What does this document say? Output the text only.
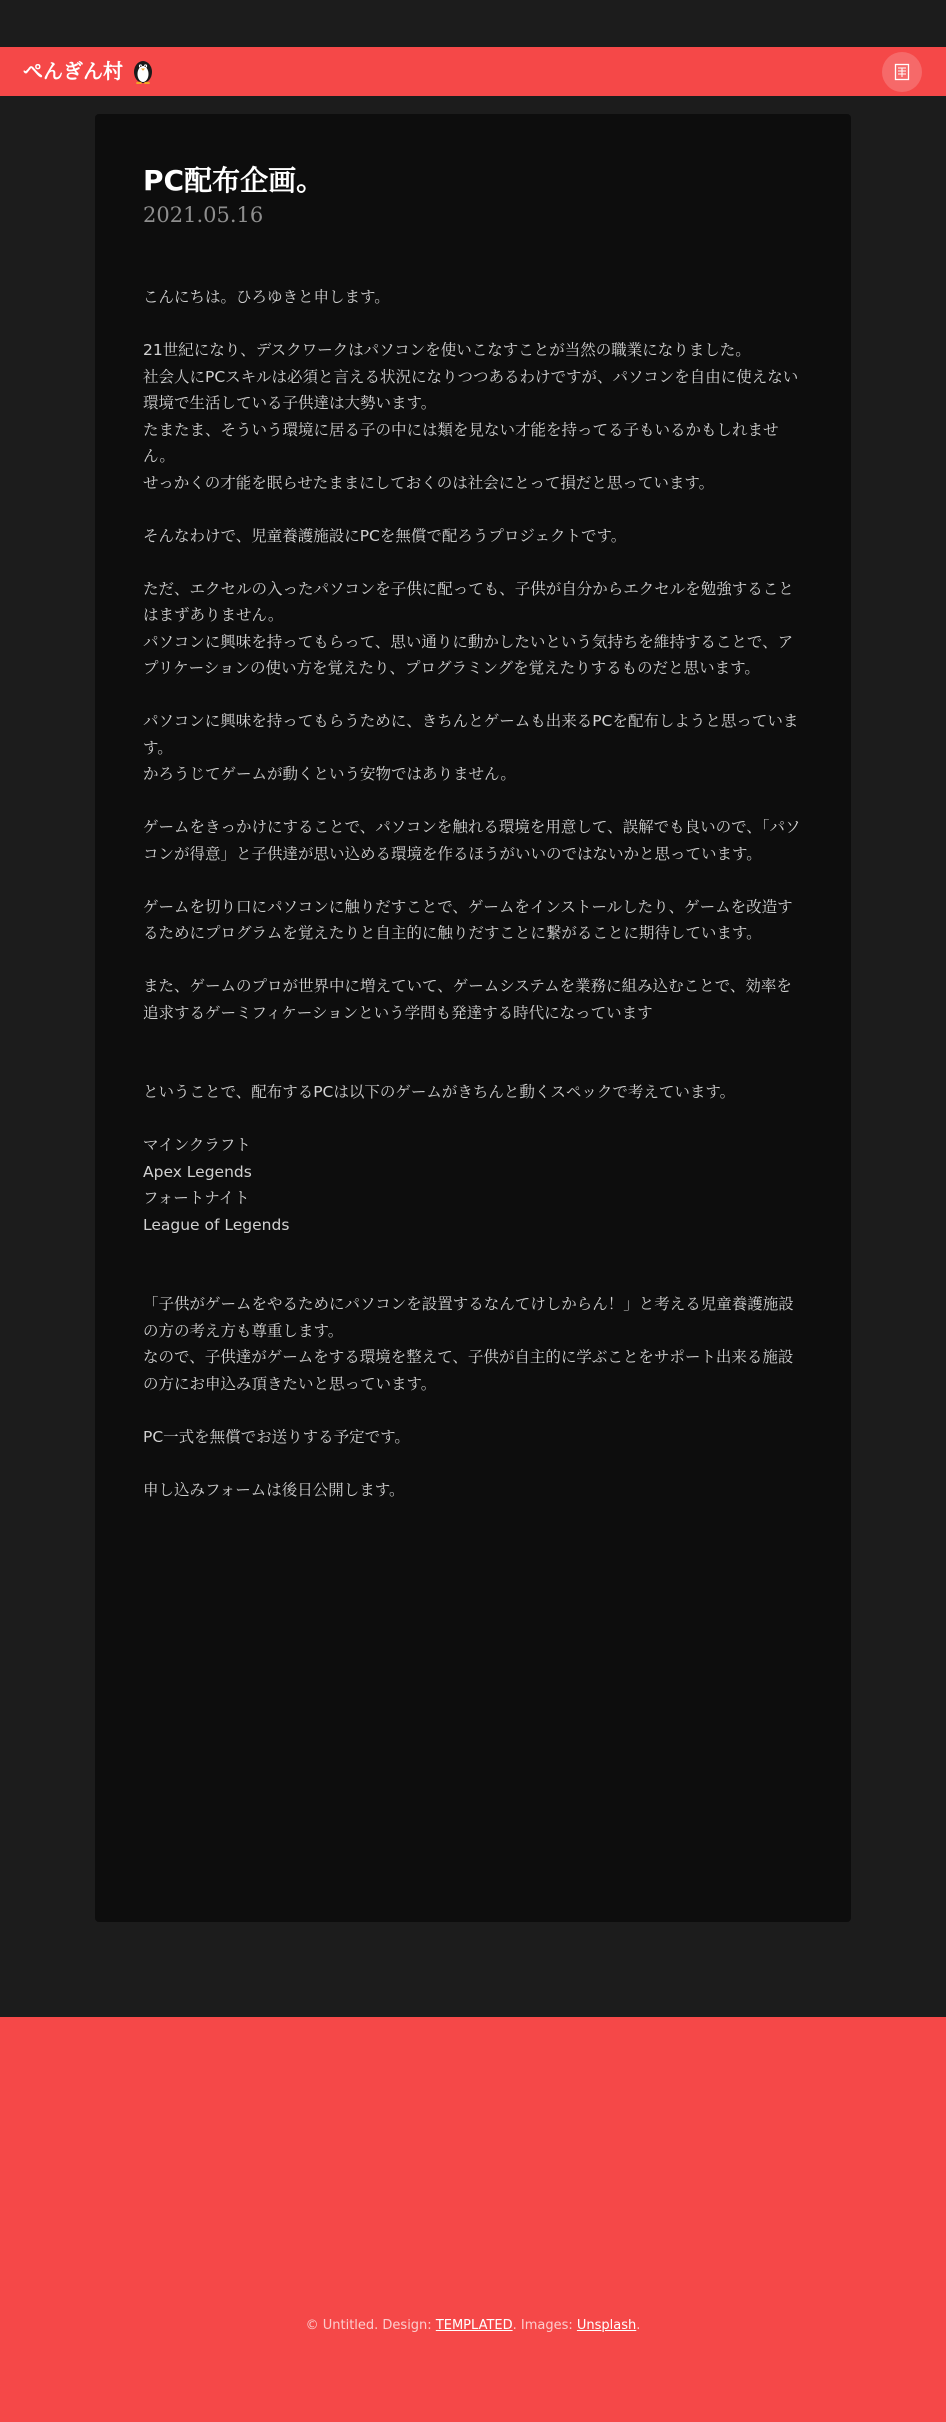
ぺんぎん村
PC配布企画。
2021.05.16

こんにちは。ひろゆきと申します。

21世紀になり、デスクワークはパソコンを使いこなすことが当然の職業になりました。
社会人にPCスキルは必須と言える状況になりつつあるわけですが、パソコンを自由に使えない環境で生活している子供達は大勢います。
たまたま、そういう環境に居る子の中には類を見ない才能を持ってる子もいるかもしれません。
せっかくの才能を眠らせたままにしておくのは社会にとって損だと思っています。

そんなわけで、児童養護施設にPCを無償で配ろうプロジェクトです。

ただ、エクセルの入ったパソコンを子供に配っても、子供が自分からエクセルを勉強することはまずありません。
パソコンに興味を持ってもらって、思い通りに動かしたいという気持ちを維持することで、アプリケーションの使い方を覚えたり、プログラミングを覚えたりするものだと思います。

パソコンに興味を持ってもらうために、きちんとゲームも出来るPCを配布しようと思っています。
かろうじてゲームが動くという安物ではありません。

ゲームをきっかけにすることで、パソコンを触れる環境を用意して、誤解でも良いので、「パソコンが得意」と子供達が思い込める環境を作るほうがいいのではないかと思っています。

ゲームを切り口にパソコンに触りだすことで、ゲームをインストールしたり、ゲームを改造するためにプログラムを覚えたりと自主的に触りだすことに繋がることに期待しています。

また、ゲームのプロが世界中に増えていて、ゲームシステムを業務に組み込むことで、効率を追求するゲーミフィケーションという学問も発達する時代になっています

ということで、配布するPCは以下のゲームがきちんと動くスペックで考えています。

マインクラフト
Apex Legends
フォートナイト
League of Legends

「子供がゲームをやるためにパソコンを設置するなんてけしからん！」と考える児童養護施設の方の考え方も尊重します。
なので、子供達がゲームをする環境を整えて、子供が自主的に学ぶことをサポート出来る施設の方にお申込み頂きたいと思っています。

PC一式を無償でお送りする予定です。

申し込みフォームは後日公開します。

© Untitled. Design: TEMPLATED. Images: Unsplash.
